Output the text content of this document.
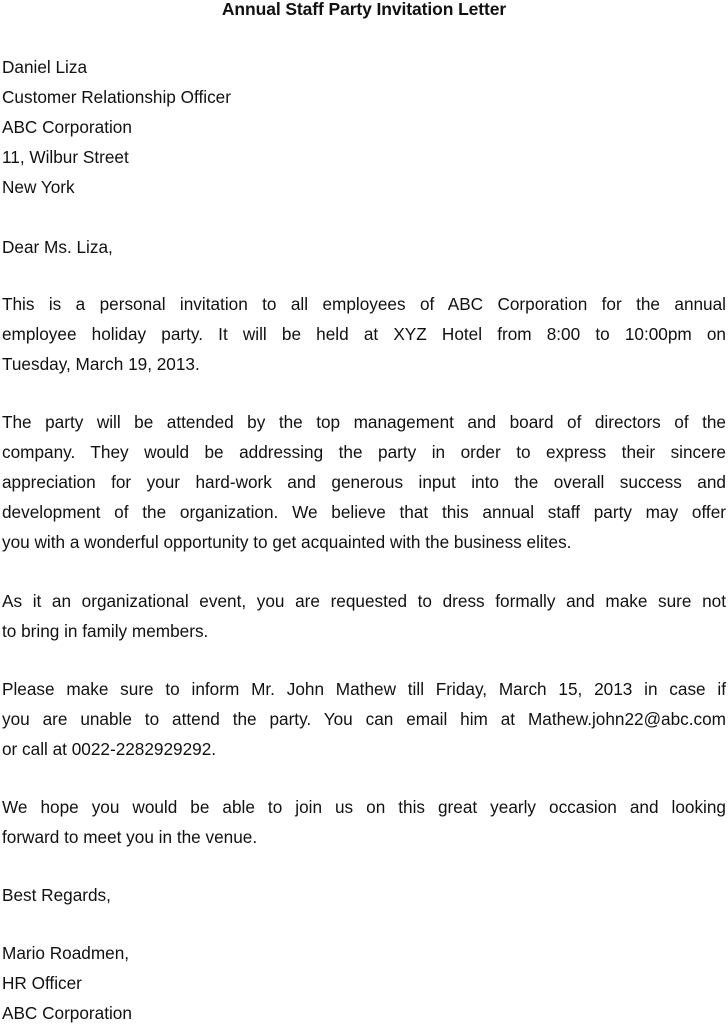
Annual Staff Party Invitation Letter
Daniel Liza
Customer Relationship Officer
ABC Corporation
11, Wilbur Street
New York
Dear Ms. Liza,
This is a personal invitation to all employees of ABC Corporation for the annual
employee holiday party. It will be held at XYZ Hotel from 8:00 to 10:00pm on
Tuesday, March 19, 2013.
The party will be attended by the top management and board of directors of the
company. They would be addressing the party in order to express their sincere
appreciation for your hard-work and generous input into the overall success and
development of the organization. We believe that this annual staff party may offer
you with a wonderful opportunity to get acquainted with the business elites.
As it an organizational event, you are requested to dress formally and make sure not
to bring in family members.
Please make sure to inform Mr. John Mathew till Friday, March 15, 2013 in case if
you are unable to attend the party. You can email him at Mathew.john22@abc.com
or call at 0022-2282929292.
We hope you would be able to join us on this great yearly occasion and looking
forward to meet you in the venue.
Best Regards,
Mario Roadmen,
HR Officer
ABC Corporation
